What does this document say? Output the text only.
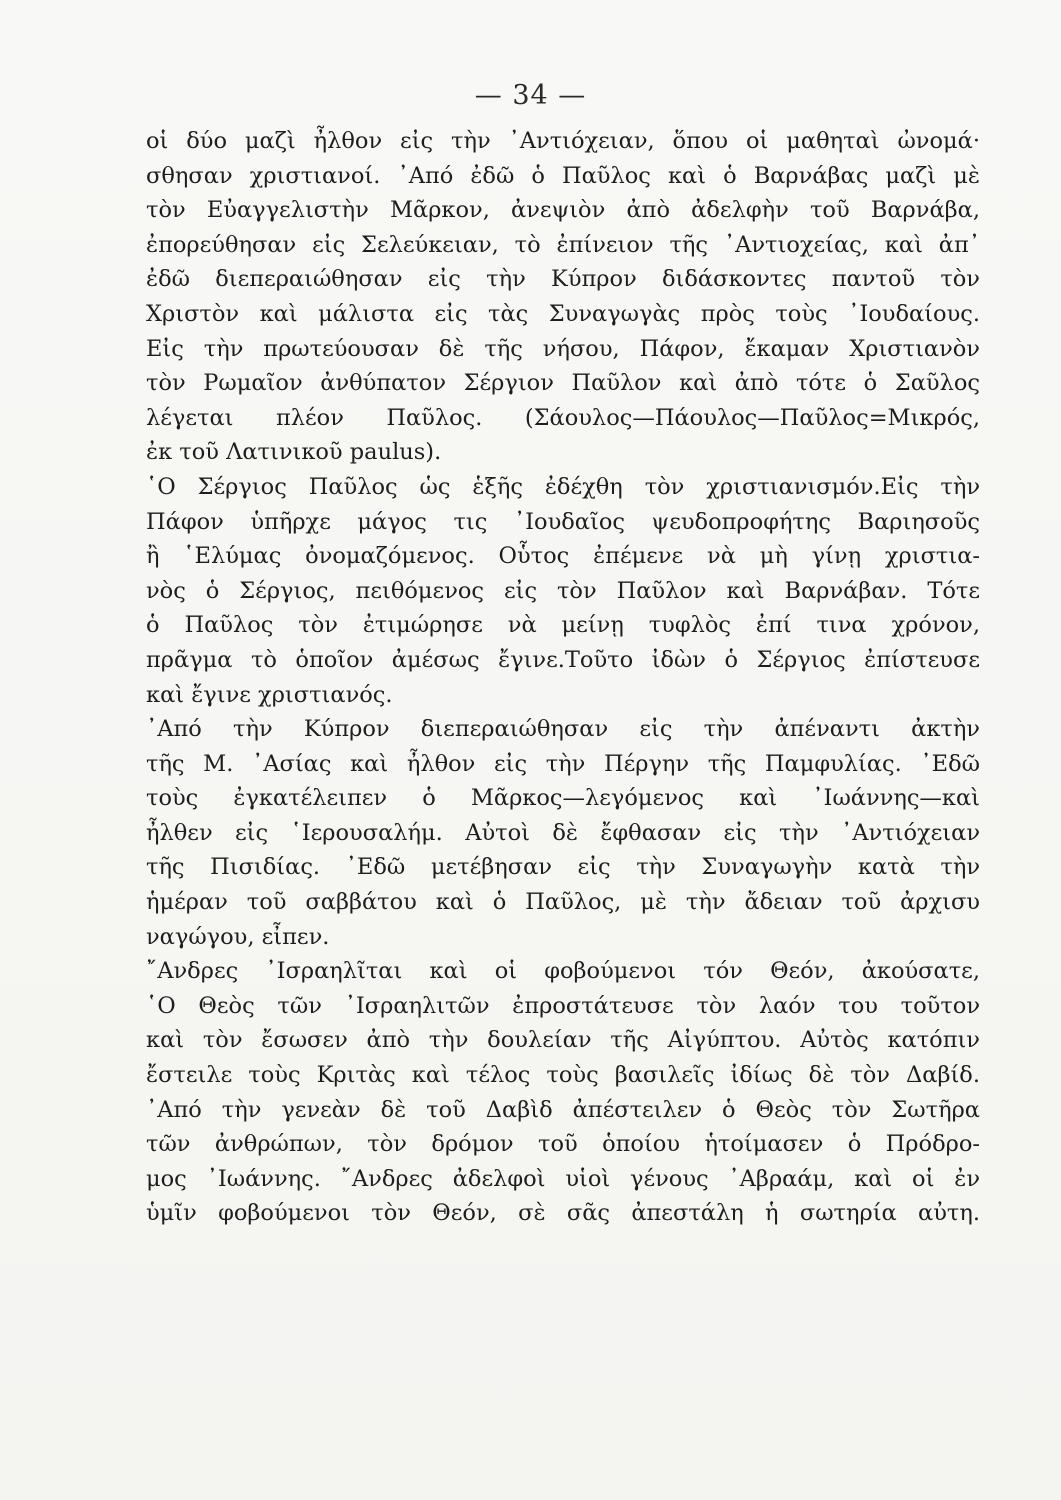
— 34 —
οἱ δύο μαζὶ ἦλθον εἰς τὴν ᾿Αντιόχειαν, ὅπου οἱ μαθηταὶ ὠνομά·
σθησαν χριστιανοί. ᾿Από ἐδῶ ὁ Παῦλος καὶ ὁ Βαρνάβας μαζὶ μὲ
τὸν Εὐαγγελιστὴν Μᾶρκον, ἀνεψιὸν ἀπὸ ἀδελφὴν τοῦ Βαρνάβα,
ἐπορεύθησαν εἰς Σελεύκειαν, τὸ ἐπίνειον τῆς ᾿Αντιοχείας, καὶ ἀπ᾿
ἐδῶ διεπεραιώθησαν εἰς τὴν Κύπρον διδάσκοντες παντοῦ τὸν
Χριστὸν καὶ μάλιστα εἰς τὰς Συναγωγὰς πρὸς τοὺς ᾿Ιουδαίους.
Εἰς τὴν πρωτεύουσαν δὲ τῆς νήσου, Πάφον, ἔκαμαν Χριστιανὸν
τὸν Ρωμαῖον ἀνθύπατον Σέργιον Παῦλον καὶ ἀπὸ τότε ὁ Σαῦλος
λέγεται πλέον Παῦλος. (Σάουλος—Πάουλος—Παῦλος=Μικρός,
ἐκ τοῦ Λατινικοῦ paulus).
῾Ο Σέργιος Παῦλος ὡς ἑξῆς ἐδέχθη τὸν χριστιανισμόν.Εἰς τὴν
Πάφον ὑπῆρχε μάγος τις ᾿Ιουδαῖος ψευδοπροφήτης Βαριησοῦς
ἢ ῾Ελύμας ὀνομαζόμενος. Οὗτος ἐπέμενε νὰ μὴ γίνῃ χριστια-
νὸς ὁ Σέργιος, πειθόμενος εἰς τὸν Παῦλον καὶ Βαρνάβαν. Τότε
ὁ Παῦλος τὸν ἐτιμώρησε νὰ μείνῃ τυφλὸς ἐπί τινα χρόνον,
πρᾶγμα τὸ ὁποῖον ἀμέσως ἔγινε.Τοῦτο ἰδὼν ὁ Σέργιος ἐπίστευσε
καὶ ἔγινε χριστιανός.
᾿Από τὴν Κύπρον διεπεραιώθησαν εἰς τὴν ἀπέναντι ἀκτὴν
τῆς Μ. ᾿Ασίας καὶ ἦλθον εἰς τὴν Πέργην τῆς Παμφυλίας. ᾿Εδῶ
τοὺς ἐγκατέλειπεν ὁ Μᾶρκος—λεγόμενος καὶ ᾿Ιωάννης—καὶ
ἦλθεν εἰς ῾Ιερουσαλήμ. Αὐτοὶ δὲ ἔφθασαν εἰς τὴν ᾿Αντιόχειαν
τῆς Πισιδίας. ᾿Εδῶ μετέβησαν εἰς τὴν Συναγωγὴν κατὰ τὴν
ἡμέραν τοῦ σαββάτου καὶ ὁ Παῦλος, μὲ τὴν ἄδειαν τοῦ ἀρχισυ
ναγώγου, εἶπεν.
῎Ανδρες ᾿Ισραηλῖται καὶ οἱ φοβούμενοι τόν Θεόν, ἀκούσατε,
῾Ο Θεὸς τῶν ᾿Ισραηλιτῶν ἐπροστάτευσε τὸν λαόν του τοῦτον
καὶ τὸν ἔσωσεν ἀπὸ τὴν δουλείαν τῆς Αἰγύπτου. Αὐτὸς κατόπιν
ἔστειλε τοὺς Κριτὰς καὶ τέλος τοὺς βασιλεῖς ἰδίως δὲ τὸν Δαβίδ.
᾿Από τὴν γενεὰν δὲ τοῦ Δαβὶδ ἀπέστειλεν ὁ Θεὸς τὸν Σωτῆρα
τῶν ἀνθρώπων, τὸν δρόμον τοῦ ὁποίου ἡτοίμασεν ὁ Πρόδρο-
μος ᾿Ιωάννης. ῎Ανδρες ἀδελφοὶ υἱοὶ γένους ᾿Αβραάμ, καὶ οἱ ἐν
ὑμῖν φοβούμενοι τὸν Θεόν, σὲ σᾶς ἀπεστάλη ἡ σωτηρία αὐτη.
